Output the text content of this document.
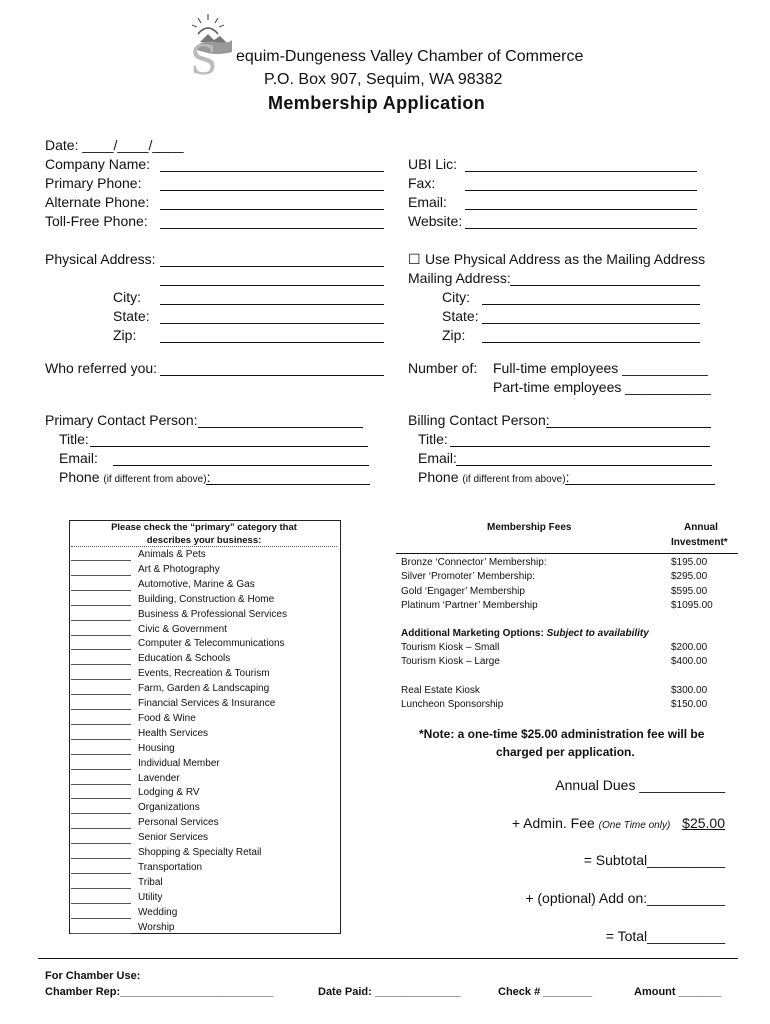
S equim-Dungeness Valley Chamber of Commerce
P.O. Box 907, Sequim, WA 98382
Membership Application
Date: ____/____/____
Company Name:
Primary Phone:
Alternate Phone:
Toll-Free Phone:
Physical Address:
City:
State:
Zip:
Who referred you:
UBI Lic:
Fax:
Email:
Website:
☐ Use Physical Address as the Mailing Address
Mailing Address:
City:
State:
Zip:
Number of: Full-time employees ___________
Part-time employees ___________
Primary Contact Person:
Title:
Email:
Phone (if different from above):
Billing Contact Person:
Title:
Email:
Phone (if different from above):
Please check the “primary” category that
describes your business:
Animals & Pets
Art & Photography
Automotive, Marine & Gas
Building, Construction & Home
Business & Professional Services
Civic & Government
Computer & Telecommunications
Education & Schools
Events, Recreation & Tourism
Farm, Garden & Landscaping
Financial Services & Insurance
Food & Wine
Health Services
Housing
Individual Member
Lavender
Lodging & RV
Organizations
Personal Services
Senior Services
Shopping & Specialty Retail
Transportation
Tribal
Utility
Wedding
Worship
Membership Fees	Annual
Investment*
Bronze ‘Connector’ Membership:	$195.00
Silver ‘Promoter’ Membership:	$295.00
Gold ‘Engager’ Membership	$595.00
Platinum ‘Partner’ Membership	$1095.00
Tourism Kiosk – Small	$200.00
Tourism Kiosk – Large	$400.00
Real Estate Kiosk	$300.00
Luncheon Sponsorship	$150.00
Additional Marketing Options: Subject to availability
*Note: a one-time $25.00 administration fee will be
charged per application.
Annual Dues ___________
+ Admin. Fee (One Time only) $25.00
= Subtotal__________
+ (optional) Add on:__________
= Total__________
For Chamber Use:
Chamber Rep:_________________________	Date Paid: ______________	Check # ________	Amount _______
